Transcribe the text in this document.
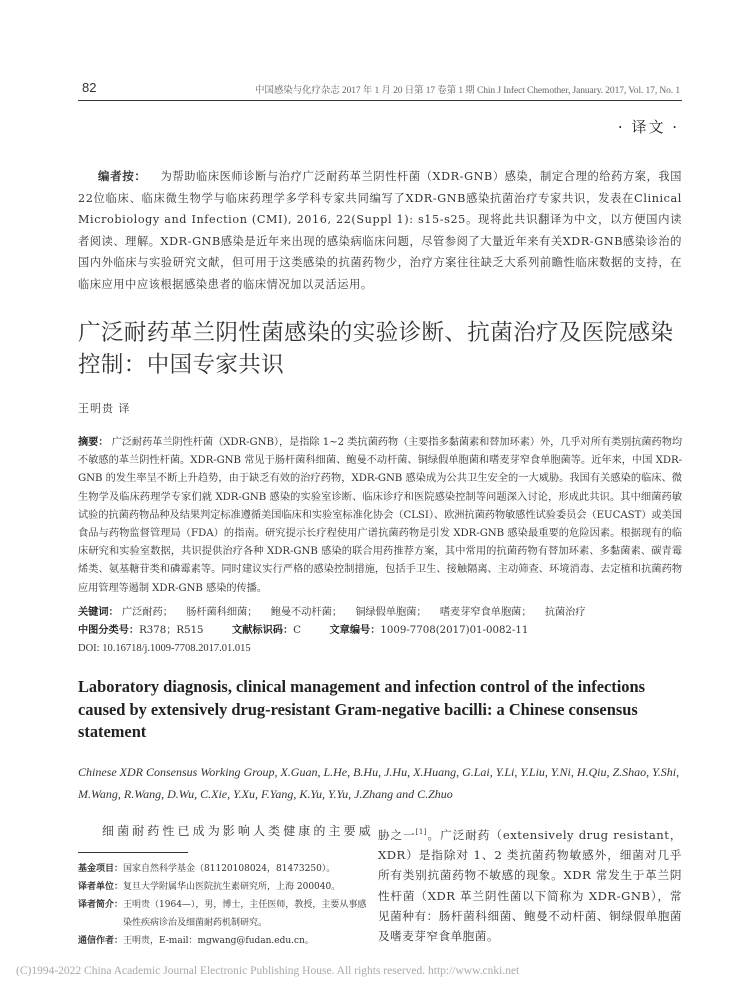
82	中国感染与化疗杂志 2017 年 1 月 20 日第 17 卷第 1 期 Chin J Infect Chemother, January. 2017, Vol. 17, No. 1
· 译文 ·
编者按： 为帮助临床医师诊断与治疗广泛耐药革兰阴性杆菌（XDR-GNB）感染，制定合理的给药方案，我国22位临床、临床微生物学与临床药理学多学科专家共同编写了XDR-GNB感染抗菌治疗专家共识，发表在Clinical Microbiology and Infection (CMI), 2016, 22(Suppl 1): s15-s25。现将此共识翻译为中文，以方便国内读者阅读、理解。XDR-GNB感染是近年来出现的感染病临床问题，尽管参阅了大量近年来有关XDR-GNB感染诊治的国内外临床与实验研究文献，但可用于这类感染的抗菌药物少，治疗方案往往缺乏大系列前瞻性临床数据的支持，在临床应用中应该根据感染患者的临床情况加以灵活运用。
广泛耐药革兰阴性菌感染的实验诊断、抗菌治疗及医院感染控制：中国专家共识
王明贵 译
摘要： 广泛耐药革兰阴性杆菌（XDR-GNB），是指除 1~2 类抗菌药物（主要指多黏菌素和替加环素）外，几乎对所有类别抗菌药物均不敏感的革兰阴性杆菌。XDR-GNB 常见于肠杆菌科细菌、鲍曼不动杆菌、铜绿假单胞菌和嗜麦芽窄食单胞菌等。近年来，中国 XDR-GNB 的发生率呈不断上升趋势，由于缺乏有效的治疗药物，XDR-GNB 感染成为公共卫生安全的一大威胁。我国有关感染的临床、微生物学及临床药理学专家们就 XDR-GNB 感染的实验室诊断、临床诊疗和医院感染控制等问题深入讨论，形成此共识。其中细菌药敏试验的抗菌药物品种及结果判定标准遵循美国临床和实验室标准化协会（CLSI）、欧洲抗菌药物敏感性试验委员会（EUCAST）或美国食品与药物监督管理局（FDA）的指南。研究提示长疗程使用广谱抗菌药物是引发 XDR-GNB 感染最重要的危险因素。根据现有的临床研究和实验室数据，共识提供治疗各种 XDR-GNB 感染的联合用药推荐方案，其中常用的抗菌药物有替加环素、多黏菌素、碳青霉烯类、氨基糖苷类和磷霉素等。同时建议实行严格的感染控制措施，包括手卫生、接触隔离、主动筛查、环境消毒、去定植和抗菌药物应用管理等遏制 XDR-GNB 感染的传播。
关键词： 广泛耐药； 肠杆菌科细菌； 鲍曼不动杆菌； 铜绿假单胞菌； 嗜麦芽窄食单胞菌； 抗菌治疗
中图分类号：R378；R515	文献标识码：C	文章编号：1009-7708(2017)01-0082-11
DOI: 10.16718/j.1009-7708.2017.01.015
Laboratory diagnosis, clinical management and infection control of the infections caused by extensively drug-resistant Gram-negative bacilli: a Chinese consensus statement
Chinese XDR Consensus Working Group, X.Guan, L.He, B.Hu, J.Hu, X.Huang, G.Lai, Y.Li, Y.Liu, Y.Ni, H.Qiu, Z.Shao, Y.Shi, M.Wang, R.Wang, D.Wu, C.Xie, Y.Xu, F.Yang, K.Yu, Y.Yu, J.Zhang and C.Zhuo
细菌耐药性已成为影响人类健康的主要威
基金项目： 国家自然科学基金（81120108024，81473250）。
译者单位： 复旦大学附属华山医院抗生素研究所，上海 200040。
译者简介： 王明贵（1964—），男，博士，主任医师，教授，主要从事感染性疾病诊治及细菌耐药机制研究。
通信作者： 王明贵，E-mail：mgwang@fudan.edu.cn。
胁之一[1]。广泛耐药（extensively drug resistant，XDR）是指除对 1、2 类抗菌药物敏感外，细菌对几乎所有类别抗菌药物不敏感的现象。XDR 常发生于革兰阴性杆菌（XDR 革兰阴性菌以下简称为 XDR-GNB），常见菌种有：肠杆菌科细菌、鲍曼不动杆菌、铜绿假单胞菌及嗜麦芽窄食单胞菌。
(C)1994-2022 China Academic Journal Electronic Publishing House. All rights reserved. http://www.cnki.net
